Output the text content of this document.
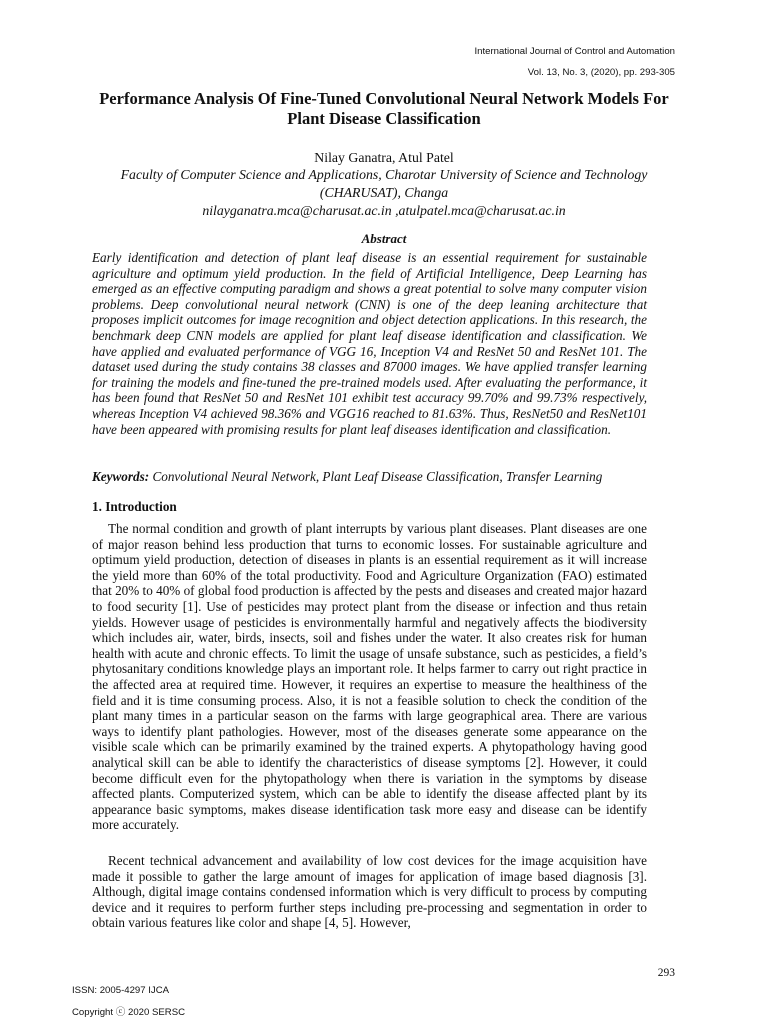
International Journal of Control and Automation
Vol. 13, No. 3, (2020), pp. 293-305
Performance Analysis Of Fine-Tuned Convolutional Neural Network Models For Plant Disease Classification
Nilay Ganatra, Atul Patel
Faculty of Computer Science and Applications, Charotar University of Science and Technology (CHARUSAT), Changa
nilayganatra.mca@charusat.ac.in ,atulpatel.mca@charusat.ac.in
Abstract

Early identification and detection of plant leaf disease is an essential requirement for sustainable agriculture and optimum yield production. In the field of Artificial Intelligence, Deep Learning has emerged as an effective computing paradigm and shows a great potential to solve many computer vision problems. Deep convolutional neural network (CNN) is one of the deep leaning architecture that proposes implicit outcomes for image recognition and object detection applications. In this research, the benchmark deep CNN models are applied for plant leaf disease identification and classification. We have applied and evaluated performance of VGG 16, Inception V4 and ResNet 50 and ResNet 101. The dataset used during the study contains 38 classes and 87000 images. We have applied transfer learning for training the models and fine-tuned the pre-trained models used. After evaluating the performance, it has been found that ResNet 50 and ResNet 101 exhibit test accuracy 99.70% and 99.73% respectively, whereas Inception V4 achieved 98.36% and VGG16 reached to 81.63%. Thus, ResNet50 and ResNet101 have been appeared with promising results for plant leaf diseases identification and classification.

Keywords: Convolutional Neural Network, Plant Leaf Disease Classification, Transfer Learning

1. Introduction

The normal condition and growth of plant interrupts by various plant diseases. Plant diseases are one of major reason behind less production that turns to economic losses. For sustainable agriculture and optimum yield production, detection of diseases in plants is an essential requirement as it will increase the yield more than 60% of the total productivity. Food and Agriculture Organization (FAO) estimated that 20% to 40% of global food production is affected by the pests and diseases and created major hazard to food security [1]. Use of pesticides may protect plant from the disease or infection and thus retain yields. However usage of pesticides is environmentally harmful and negatively affects the biodiversity which includes air, water, birds, insects, soil and fishes under the water. It also creates risk for human health with acute and chronic effects. To limit the usage of unsafe substance, such as pesticides, a field’s phytosanitary conditions knowledge plays an important role. It helps farmer to carry out right practice in the affected area at required time. However, it requires an expertise to measure the healthiness of the field and it is time consuming process. Also, it is not a feasible solution to check the condition of the plant many times in a particular season on the farms with large geographical area. There are various ways to identify plant pathologies. However, most of the diseases generate some appearance on the visible scale which can be primarily examined by the trained experts. A phytopathology having good analytical skill can be able to identify the characteristics of disease symptoms [2]. However, it could become difficult even for the phytopathology when there is variation in the symptoms by disease affected plants. Computerized system, which can be able to identify the disease affected plant by its appearance basic symptoms, makes disease identification task more easy and disease can be identify more accurately.

Recent technical advancement and availability of low cost devices for the image acquisition have made it possible to gather the large amount of images for application of image based diagnosis [3]. Although, digital image contains condensed information which is very difficult to process by computing device and it requires to perform further steps including pre-processing and segmentation in order to obtain various features like color and shape [4, 5]. However,

293
ISSN: 2005-4297 IJCA
Copyright ⓒ 2020 SERSC
